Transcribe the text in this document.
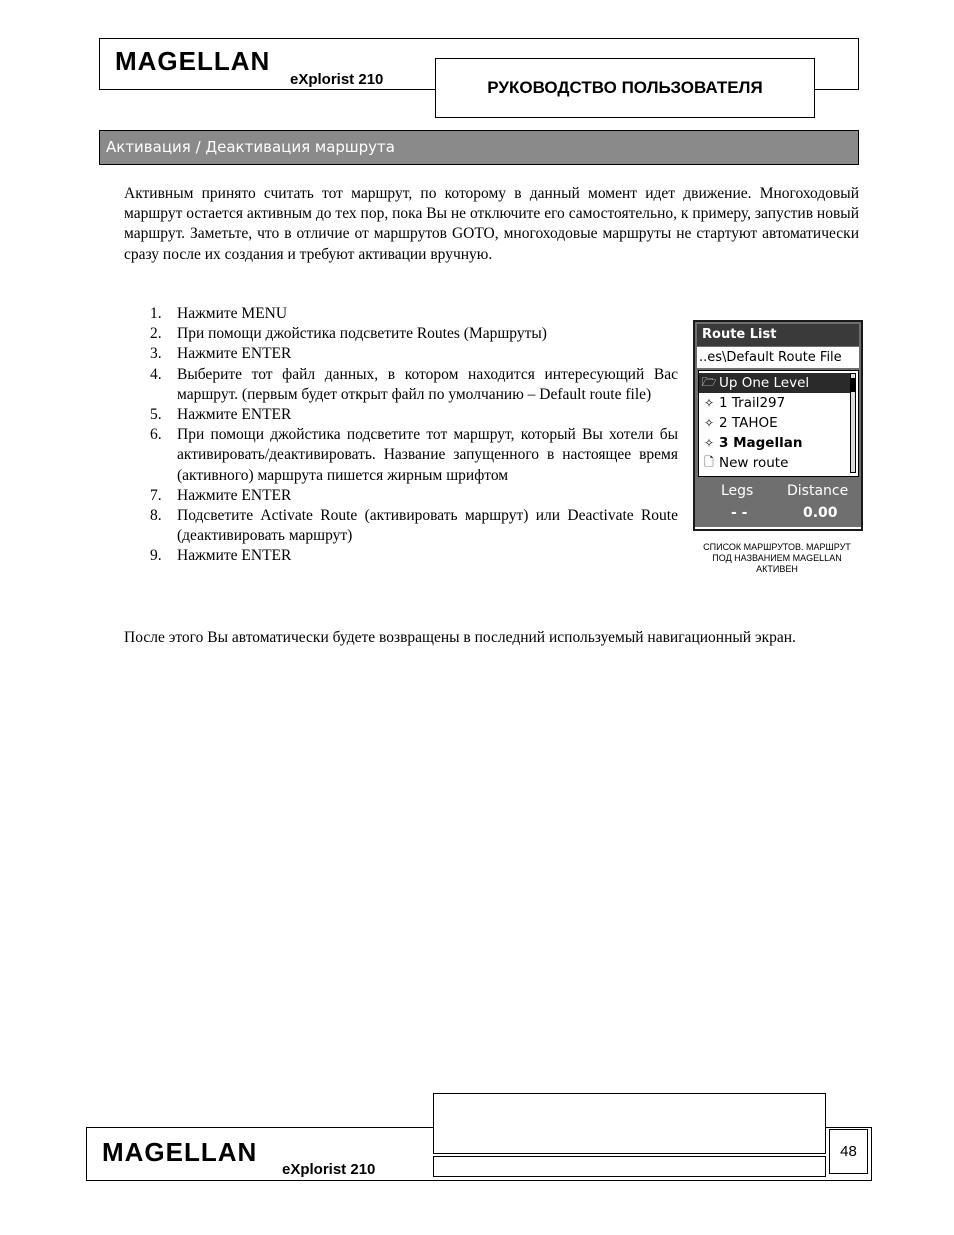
MAGELLAN
eXplorist 210	РУКОВОДСТВО ПОЛЬЗОВАТЕЛЯ
Активация / Деактивация маршрута
Активным принято считать тот маршрут, по которому в данный момент идет движение. Многоходовый маршрут остается активным до тех пор, пока Вы не отключите его самостоятельно, к примеру, запустив новый маршрут. Заметьте, что в отличие от маршрутов GOTO, многоходовые маршруты не стартуют автоматически сразу после их создания и требуют активации вручную.
1. Нажмите MENU
2. При помощи джойстика подсветите Routes (Маршруты)
3. Нажмите ENTER
4. Выберите тот файл данных, в котором находится интересующий Вас маршрут. (первым будет открыт файл по умолчанию – Default route file)
5. Нажмите ENTER
6. При помощи джойстика подсветите тот маршрут, который Вы хотели бы активировать/деактивировать. Название запущенного в настоящее время (активного) маршрута пишется жирным шрифтом
7. Нажмите ENTER
8. Подсветите Activate Route (активировать маршрут) или Deactivate Route (деактивировать маршрут)
9. Нажмите ENTER
Route List
..es\Default Route File
🗁 Up One Level
✧ 1 Trail297
✧ 2 TAHOE
✧ 3 Magellan
🗋 New route
Legs Distance
- -	0.00
СПИСОК МАРШРУТОВ. МАРШРУТ ПОД НАЗВАНИЕМ MAGELLAN АКТИВЕН
После этого Вы автоматически будете возвращены в последний используемый навигационный экран.
MAGELLAN
eXplorist 210
48
